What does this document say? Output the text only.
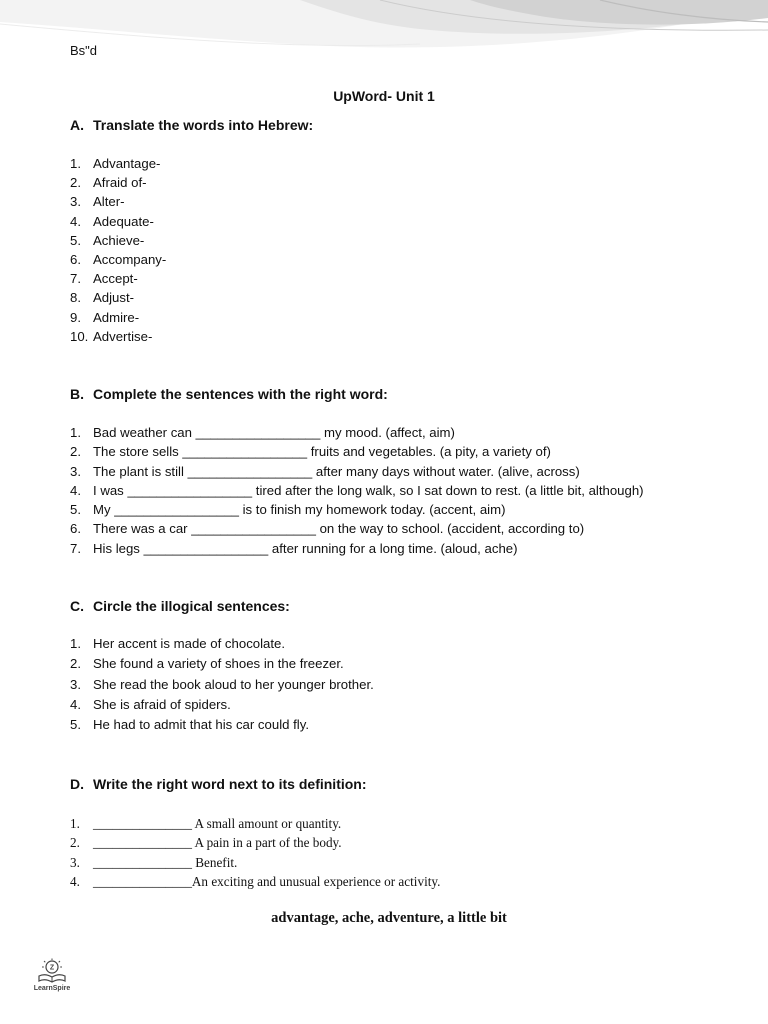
Bs"d
UpWord- Unit 1
A. Translate the words into Hebrew:
1. Advantage-
2. Afraid of-
3. Alter-
4. Adequate-
5. Achieve-
6. Accompany-
7. Accept-
8. Adjust-
9. Admire-
10. Advertise-
B. Complete the sentences with the right word:
1. Bad weather can _________________ my mood. (affect, aim)
2. The store sells _________________ fruits and vegetables. (a pity, a variety of)
3. The plant is still _________________ after many days without water. (alive, across)
4. I was _________________ tired after the long walk, so I sat down to rest. (a little bit, although)
5. My _________________ is to finish my homework today. (accent, aim)
6. There was a car _________________ on the way to school. (accident, according to)
7. His legs _________________ after running for a long time. (aloud, ache)
C. Circle the illogical sentences:
1. Her accent is made of chocolate.
2. She found a variety of shoes in the freezer.
3. She read the book aloud to her younger brother.
4. She is afraid of spiders.
5. He had to admit that his car could fly.
D. Write the right word next to its definition:
1. _______________ A small amount or quantity.
2. _______________ A pain in a part of the body.
3. _______________ Benefit.
4. _______________An exciting and unusual experience or activity.
advantage, ache, adventure, a little bit
Z
LearnSpire
